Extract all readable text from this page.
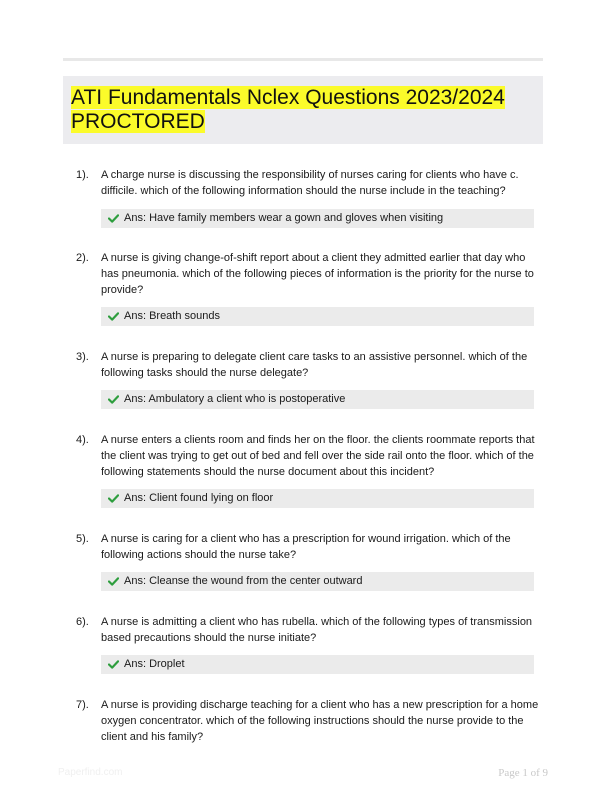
ATI Fundamentals Nclex Questions 2023/2024
PROCTORED
1). A charge nurse is discussing the responsibility of nurses caring for clients who have c. difficile. which of the following information should the nurse include in the teaching?
Ans: Have family members wear a gown and gloves when visiting
2). A nurse is giving change-of-shift report about a client they admitted earlier that day who has pneumonia. which of the following pieces of information is the priority for the nurse to provide?
Ans: Breath sounds
3). A nurse is preparing to delegate client care tasks to an assistive personnel. which of the following tasks should the nurse delegate?
Ans: Ambulatory a client who is postoperative
4). A nurse enters a clients room and finds her on the floor. the clients roommate reports that the client was trying to get out of bed and fell over the side rail onto the floor. which of the following statements should the nurse document about this incident?
Ans: Client found lying on floor
5). A nurse is caring for a client who has a prescription for wound irrigation. which of the following actions should the nurse take?
Ans: Cleanse the wound from the center outward
6). A nurse is admitting a client who has rubella. which of the following types of transmission based precautions should the nurse initiate?
Ans: Droplet
7). A nurse is providing discharge teaching for a client who has a new prescription for a home oxygen concentrator. which of the following instructions should the nurse provide to the client and his family?
Paperfind.com	Page 1 of 9
